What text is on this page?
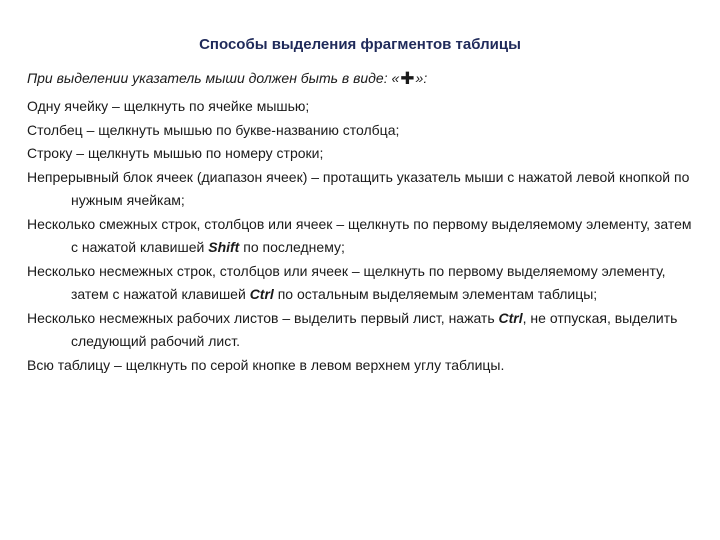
Способы выделения фрагментов таблицы

При выделении указатель мыши должен быть в виде: «✚»:

Одну ячейку – щелкнуть по ячейке мышью;
Столбец – щелкнуть мышью по букве-названию столбца;
Строку – щелкнуть мышью по номеру строки;
Непрерывный блок ячеек (диапазон ячеек) – протащить указатель мыши с нажатой левой кнопкой по нужным ячейкам;
Несколько смежных строк, столбцов или ячеек – щелкнуть по первому выделяемому элементу, затем с нажатой клавишей Shift по последнему;
Несколько несмежных строк, столбцов или ячеек – щелкнуть по первому выделяемому элементу, затем с нажатой клавишей Ctrl по остальным выделяемым элементам таблицы;
Несколько несмежных рабочих листов – выделить первый лист, нажать Ctrl, не отпуская, выделить следующий рабочий лист.
Всю таблицу – щелкнуть по серой кнопке в левом верхнем углу таблицы.
